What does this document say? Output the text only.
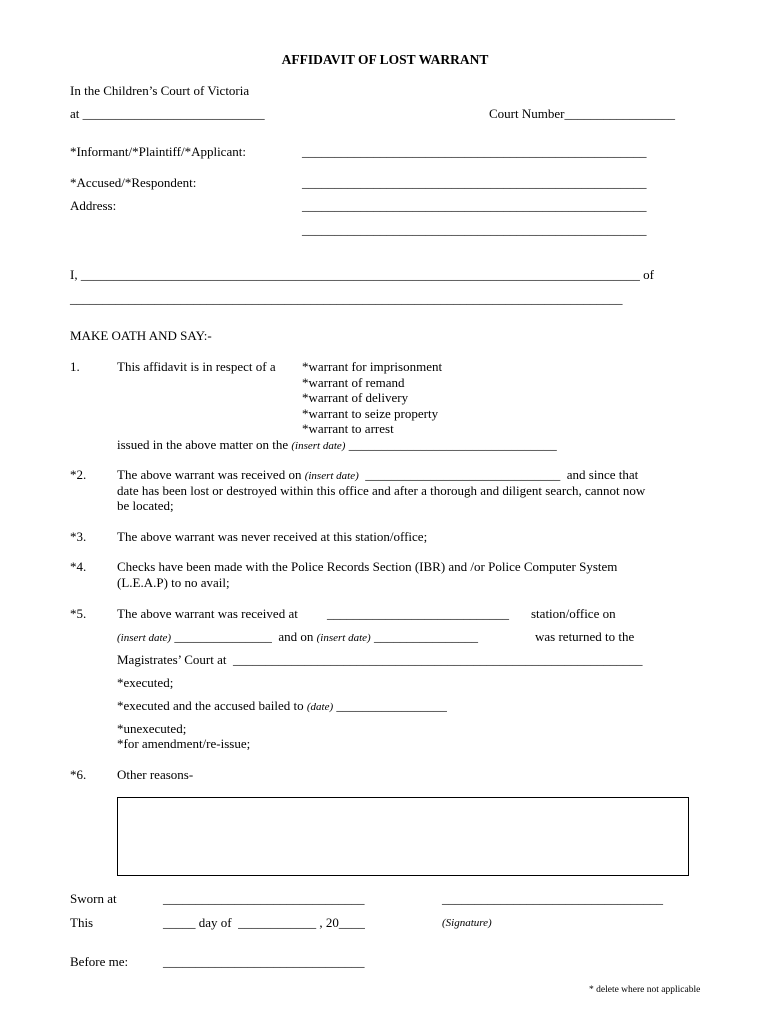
AFFIDAVIT OF LOST WARRANT
In the Children’s Court of Victoria
at ____________________________	Court Number_________________
*Informant/*Plaintiff/*Applicant:	_____________________________________________________
*Accused/*Respondent:	_____________________________________________________
Address:	_____________________________________________________
_____________________________________________________
I, ______________________________________________________________________________________ of
_____________________________________________________________________________________
MAKE OATH AND SAY:-
1.	This affidavit is in respect of a *warrant for imprisonment
*warrant of remand
*warrant of delivery
*warrant to seize property
*warrant to arrest
issued in the above matter on the (insert date) ________________________________
*2. The above warrant was received on (insert date) ______________________________ and since that
date has been lost or destroyed within this office and after a thorough and diligent search, cannot now
be located;
*3. The above warrant was never received at this station/office;
*4. Checks have been made with the Police Records Section (IBR) and /or Police Computer System
(L.E.A.P) to no avail;
*5. The above warrant was received at ____________________________ station/office on
(insert date) _______________ and on (insert date) ________________	was returned to the
Magistrates’ Court at _______________________________________________________________
*executed;
*executed and the accused bailed to (date) _________________
*unexecuted;
*for amendment/re-issue;
*6. Other reasons-
Sworn at	_______________________________	__________________________________
This	_____ day of  ____________ , 20____	(Signature)
Before me:	_______________________________
* delete where not applicable
